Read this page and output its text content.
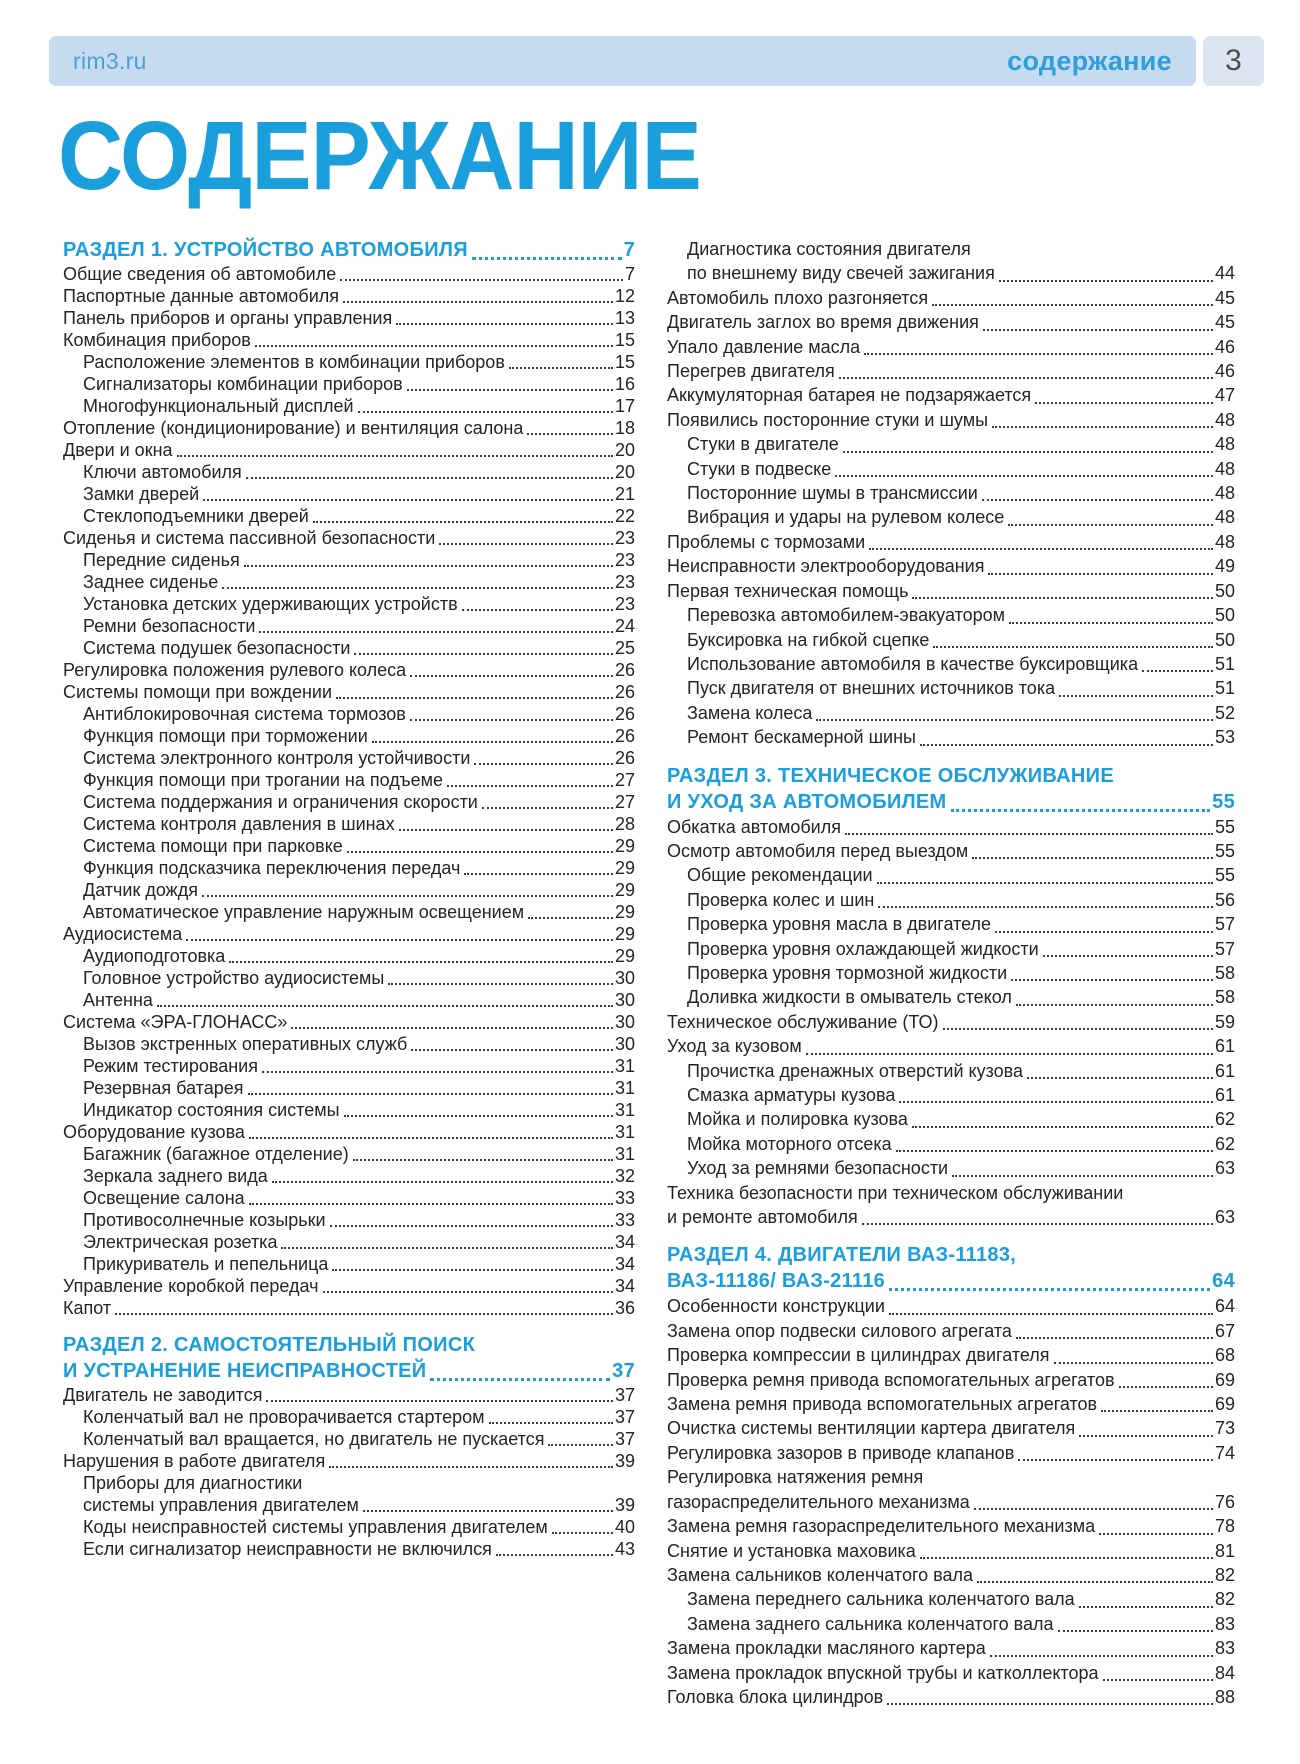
rim3.ru	содержание 3
СОДЕРЖАНИЕ
РАЗДЕЛ 1. УСТРОЙСТВО АВТОМОБИЛЯ	7
Общие сведения об автомобиле	7
Паспортные данные автомобиля	12
Панель приборов и органы управления	13
Комбинация приборов	15
Расположение элементов в комбинации приборов	15
Сигнализаторы комбинации приборов	16
Многофункциональный дисплей	17
Отопление (кондиционирование) и вентиляция салона	18
Двери и окна	20
Ключи автомобиля	20
Замки дверей	21
Стеклоподъемники дверей	22
Сиденья и система пассивной безопасности	23
Передние сиденья	23
Заднее сиденье	23
Установка детских удерживающих устройств	23
Ремни безопасности	24
Система подушек безопасности	25
Регулировка положения рулевого колеса	26
Системы помощи при вождении	26
Антиблокировочная система тормозов	26
Функция помощи при торможении	26
Система электронного контроля устойчивости	26
Функция помощи при трогании на подъеме	27
Система поддержания и ограничения скорости	27
Система контроля давления в шинах	28
Система помощи при парковке	29
Функция подсказчика переключения передач	29
Датчик дождя	29
Автоматическое управление наружным освещением	29
Аудиосистема	29
Аудиоподготовка	29
Головное устройство аудиосистемы	30
Антенна	30
Система «ЭРА-ГЛОНАСС»	30
Вызов экстренных оперативных служб	30
Режим тестирования	31
Резервная батарея	31
Индикатор состояния системы	31
Оборудование кузова	31
Багажник (багажное отделение)	31
Зеркала заднего вида	32
Освещение салона	33
Противосолнечные козырьки	33
Электрическая розетка	34
Прикуриватель и пепельница	34
Управление коробкой передач	34
Капот	36
РАЗДЕЛ 2. САМОСТОЯТЕЛЬНЫЙ ПОИСК
И УСТРАНЕНИЕ НЕИСПРАВНОСТЕЙ	37
Двигатель не заводится	37
Коленчатый вал не проворачивается стартером	37
Коленчатый вал вращается, но двигатель не пускается	37
Нарушения в работе двигателя	39
Приборы для диагностики
системы управления двигателем	39
Коды неисправностей системы управления двигателем	40
Если сигнализатор неисправности не включился	43
Диагностика состояния двигателя
по внешнему виду свечей зажигания	44
Автомобиль плохо разгоняется	45
Двигатель заглох во время движения	45
Упало давление масла	46
Перегрев двигателя	46
Аккумуляторная батарея не подзаряжается	47
Появились посторонние стуки и шумы	48
Стуки в двигателе	48
Стуки в подвеске	48
Посторонние шумы в трансмиссии	48
Вибрация и удары на рулевом колесе	48
Проблемы с тормозами	48
Неисправности электрооборудования	49
Первая техническая помощь	50
Перевозка автомобилем-эвакуатором	50
Буксировка на гибкой сцепке	50
Использование автомобиля в качестве буксировщика	51
Пуск двигателя от внешних источников тока	51
Замена колеса	52
Ремонт бескамерной шины	53
РАЗДЕЛ 3. ТЕХНИЧЕСКОЕ ОБСЛУЖИВАНИЕ
И УХОД ЗА АВТОМОБИЛЕМ	55
Обкатка автомобиля	55
Осмотр автомобиля перед выездом	55
Общие рекомендации	55
Проверка колес и шин	56
Проверка уровня масла в двигателе	57
Проверка уровня охлаждающей жидкости	57
Проверка уровня тормозной жидкости	58
Доливка жидкости в омыватель стекол	58
Техническое обслуживание (ТО)	59
Уход за кузовом	61
Прочистка дренажных отверстий кузова	61
Смазка арматуры кузова	61
Мойка и полировка кузова	62
Мойка моторного отсека	62
Уход за ремнями безопасности	63
Техника безопасности при техническом обслуживании
и ремонте автомобиля	63
РАЗДЕЛ 4. ДВИГАТЕЛИ ВАЗ-11183,
ВАЗ-11186/ ВАЗ-21116	64
Особенности конструкции	64
Замена опор подвески силового агрегата	67
Проверка компрессии в цилиндрах двигателя	68
Проверка ремня привода вспомогательных агрегатов	69
Замена ремня привода вспомогательных агрегатов	69
Очистка системы вентиляции картера двигателя	73
Регулировка зазоров в приводе клапанов	74
Регулировка натяжения ремня
газораспределительного механизма	76
Замена ремня газораспределительного механизма	78
Снятие и установка маховика	81
Замена сальников коленчатого вала	82
Замена переднего сальника коленчатого вала	82
Замена заднего сальника коленчатого вала	83
Замена прокладки масляного картера	83
Замена прокладок впускной трубы и катколлектора	84
Головка блока цилиндров	88
